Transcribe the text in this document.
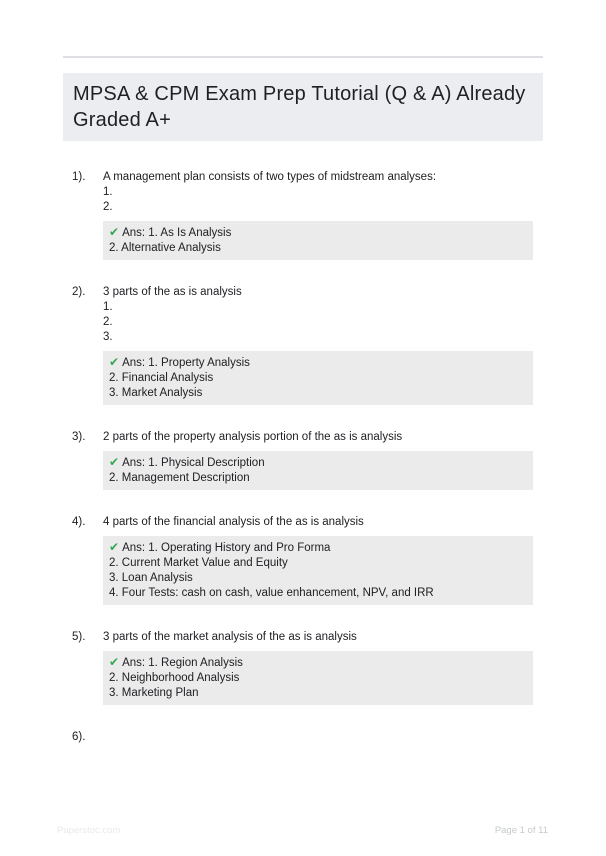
MPSA & CPM Exam Prep Tutorial (Q & A) Already Graded A+
1). A management plan consists of two types of midstream analyses:
1.
2.
✔ Ans: 1. As Is Analysis
2. Alternative Analysis
2). 3 parts of the as is analysis
1.
2.
3.
✔ Ans: 1. Property Analysis
2. Financial Analysis
3. Market Analysis
3). 2 parts of the property analysis portion of the as is analysis
✔ Ans: 1. Physical Description
2. Management Description
4). 4 parts of the financial analysis of the as is analysis
✔ Ans: 1. Operating History and Pro Forma
2. Current Market Value and Equity
3. Loan Analysis
4. Four Tests: cash on cash, value enhancement, NPV, and IRR
5). 3 parts of the market analysis of the as is analysis
✔ Ans: 1. Region Analysis
2. Neighborhood Analysis
3. Marketing Plan
6).
Paperstoc.com	Page 1 of 11
